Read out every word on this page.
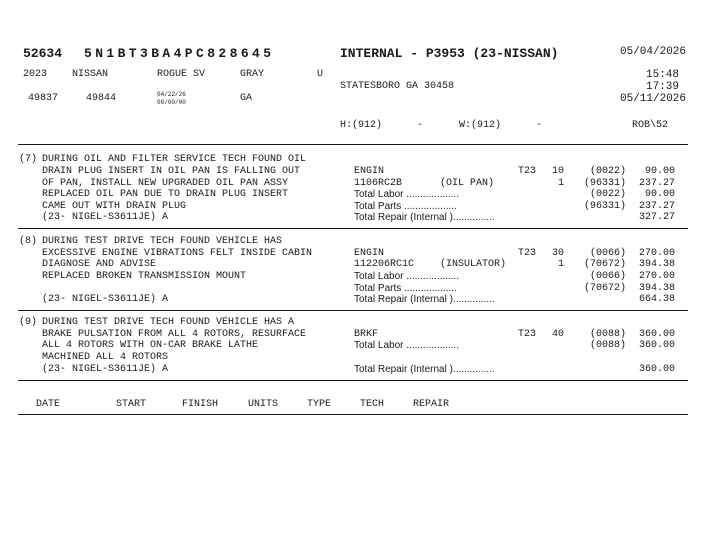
52634 5N1BT3BA4PC828645	INTERNAL - P3953 (23-NISSAN)	05/04/2026
2023 NISSAN	ROGUE SV	GRAY	U	15:48
STATESBORO GA 30458	17:39
49837	49844	04/22/26
00/00/00	GA	05/11/2026
H:(912)	-	W:(912)	-	ROB\52
(7) DURING OIL AND FILTER SERVICE TECH FOUND OIL
DRAIN PLUG INSERT IN OIL PAN IS FALLING OUT
OF PAN, INSTALL NEW UPGRADED OIL PAN ASSY
REPLACED OIL PAN DUE TO DRAIN PLUG INSERT
CAME OUT WITH DRAIN PLUG
(23- NIGEL-S3611JE) A
ENGIN	T23	10	(0022)	90.00
1106RC2B	(OIL PAN)	1	(96331)	237.27
Total Labor ...................	(0022)	90.00
Total Parts ...................	(96331)	237.27
Total Repair (Internal )...............	327.27
(8) DURING TEST DRIVE TECH FOUND VEHICLE HAS
EXCESSIVE ENGINE VIBRATIONS FELT INSIDE CABIN
DIAGNOSE AND ADVISE
REPLACED BROKEN TRANSMISSION MOUNT
(23- NIGEL-S3611JE) A
ENGIN	T23	30	(0066)	270.00
112206RC1C	(INSULATOR)	1	(70672)	394.38
Total Labor ...................	(0066)	270.00
Total Parts ...................	(70672)	394.38
Total Repair (Internal )...............	664.38
(9) DURING TEST DRIVE TECH FOUND VEHICLE HAS A
BRAKE PULSATION FROM ALL 4 ROTORS, RESURFACE
ALL 4 ROTORS WITH ON-CAR BRAKE LATHE
MACHINED ALL 4 ROTORS
(23- NIGEL-S3611JE) A
BRKF	T23	40	(0088)	360.00
Total Labor ...................	(0088)	360.00
Total Repair (Internal )...............	360.00
DATE	START	FINISH	UNITS	TYPE	TECH	REPAIR
